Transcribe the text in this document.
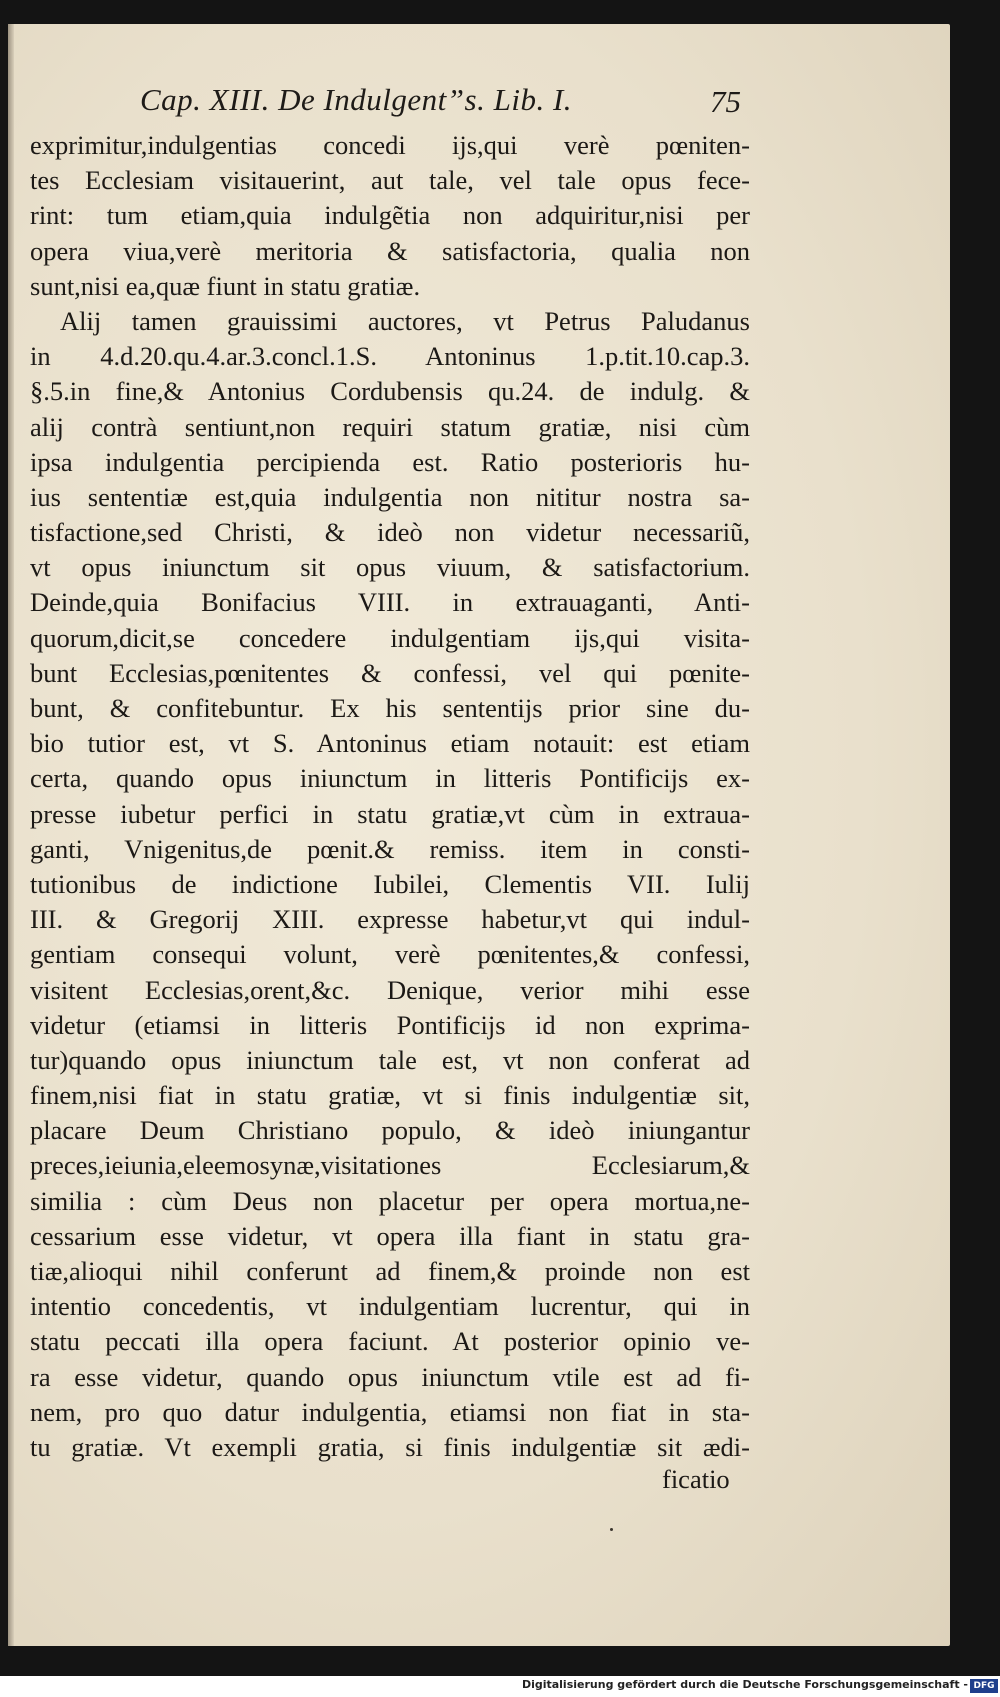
Cap. XIII. De Indulgent”s. Lib. I.	75
exprimitur,indulgentias concedi ijs,qui verè pœniten-
tes Ecclesiam visitauerint, aut tale, vel tale opus fece-
rint: tum etiam,quia indulgẽtia non adquiritur,nisi per
opera viua,verè meritoria & satisfactoria, qualia non
sunt,nisi ea,quæ fiunt in statu gratiæ.
Alij tamen grauissimi auctores, vt Petrus Paludanus
in 4.d.20.qu.4.ar.3.concl.1.S. Antoninus 1.p.tit.10.cap.3.
§.5.in fine,& Antonius Cordubensis qu.24. de indulg. &
alij contrà sentiunt,non requiri statum gratiæ, nisi cùm
ipsa indulgentia percipienda est. Ratio posterioris hu-
ius sententiæ est,quia indulgentia non nititur nostra sa-
tisfactione,sed Christi, & ideò non videtur necessariũ,
vt opus iniunctum sit opus viuum, & satisfactorium.
Deinde,quia Bonifacius VIII. in extrauaganti, Anti-
quorum,dicit,se concedere indulgentiam ijs,qui visita-
bunt Ecclesias,pœnitentes & confessi, vel qui pœnite-
bunt, & confitebuntur. Ex his sententijs prior sine du-
bio tutior est, vt S. Antoninus etiam notauit: est etiam
certa, quando opus iniunctum in litteris Pontificijs ex-
presse iubetur perfici in statu gratiæ,vt cùm in extraua-
ganti, Vnigenitus,de pœnit.& remiss. item in consti-
tutionibus de indictione Iubilei, Clementis VII. Iulij
III. & Gregorij XIII. expresse habetur,vt qui indul-
gentiam consequi volunt, verè pœnitentes,& confessi,
visitent Ecclesias,orent,&c. Denique, verior mihi esse
videtur (etiamsi in litteris Pontificijs id non exprima-
tur)quando opus iniunctum tale est, vt non conferat ad
finem,nisi fiat in statu gratiæ, vt si finis indulgentiæ sit,
placare Deum Christiano populo, & ideò iniungantur
preces,ieiunia,eleemosynæ,visitationes Ecclesiarum,&
similia : cùm Deus non placetur per opera mortua,ne-
cessarium esse videtur, vt opera illa fiant in statu gra-
tiæ,alioqui nihil conferunt ad finem,& proinde non est
intentio concedentis, vt indulgentiam lucrentur, qui in
statu peccati illa opera faciunt. At posterior opinio ve-
ra esse videtur, quando opus iniunctum vtile est ad fi-
nem, pro quo datur indulgentia, etiamsi non fiat in sta-
tu gratiæ. Vt exempli gratia, si finis indulgentiæ sit ædi-
ficatio
Digitalisierung gefördert durch die Deutsche Forschungsgemeinschaft - DFG
